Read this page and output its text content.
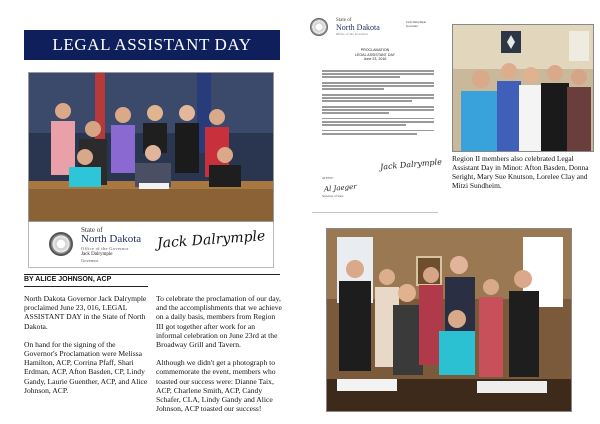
LEGAL ASSISTANT DAY
State of
North Dakota
Office of the Governor
Jack Dalrymple
Governor
Jack Dalrymple
BY ALICE JOHNSON, ACP

North Dakota Governor Jack Dalrymple proclaimed June 23, 016, LEGAL ASSISTANT DAY in the State of North Dakota.

On hand for the signing of the Governor's Proclamation were Melissa Hamilton, ACP, Corrina Pfaff, Shari Erdman, ACP, Afton Basden, CP, Lindy Gandy, Laurie Guenther, ACP, and Alice Johnson, ACP.

To celebrate the proclamation of our day, and the accomplishments that we achieve on a daily basis, members from Region III got together after work for an informal celebration on June 23rd at the Broadway Grill and Tavern.

Although we didn't get a photograph to commemorate the event, members who toasted our success were: Dianne Taix, ACP, Charlene Smith, ACP, Candy Schafer, CLA, Lindy Gandy and Alice Johnson, ACP toasted our success!

State of
North Dakota
Office of the Governor
Jack Dalrymple
Governor
PROCLAMATION
LEGAL ASSISTANT DAY
June 23, 2016
Jack Dalrymple
ATTEST:
Al Jaeger
Secretary of State
Region II members also celebrated Legal Assistant Day in Minot: Afton Basden, Donna Seright, Mary Sue Knutson, Lorelee Clay and Mitzi Sundheim.
